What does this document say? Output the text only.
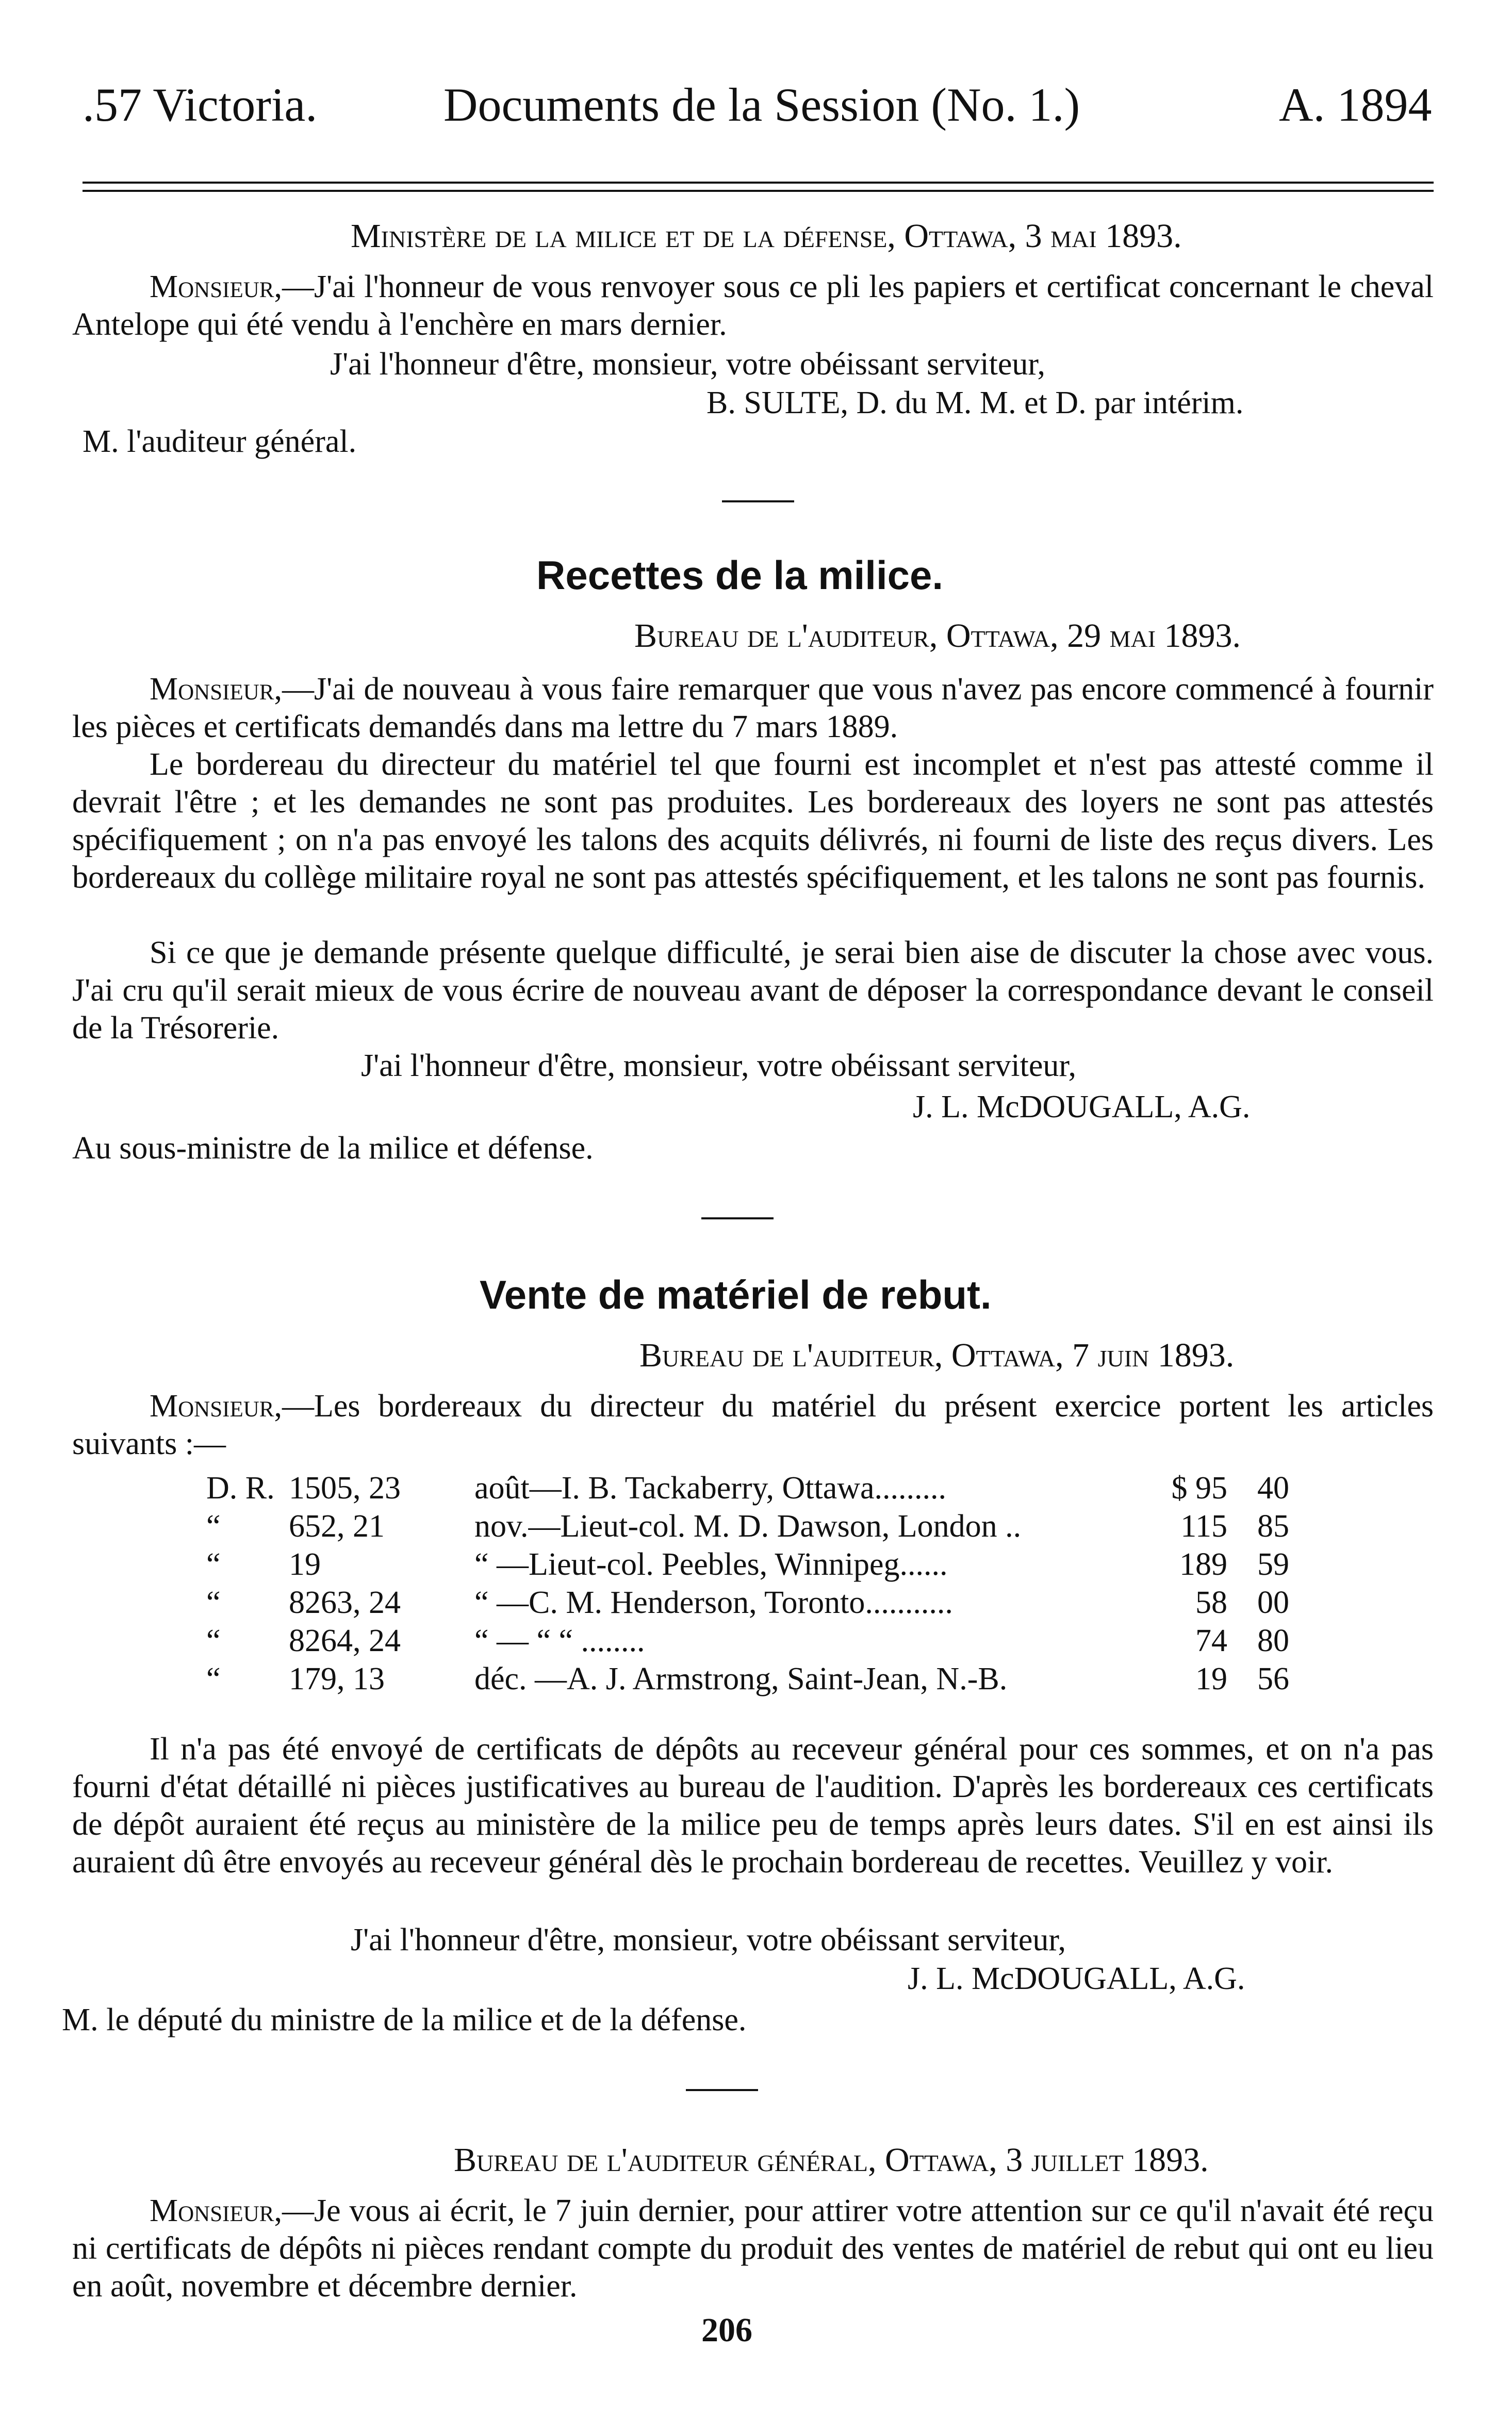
.57 Victoria.	Documents de la Session (No. 1.)	A. 1894
Ministère de la milice et de la défense, Ottawa, 3 mai 1893.
Monsieur,—J'ai l'honneur de vous renvoyer sous ce pli les papiers et certificat concernant le cheval Antelope qui été vendu à l'enchère en mars dernier.
J'ai l'honneur d'être, monsieur, votre obéissant serviteur,
B. SULTE, D. du M. M. et D. par intérim.
M. l'auditeur général.
Recettes de la milice.
Bureau de l'auditeur, Ottawa, 29 mai 1893.
Monsieur,—J'ai de nouveau à vous faire remarquer que vous n'avez pas encore commencé à fournir les pièces et certificats demandés dans ma lettre du 7 mars 1889.
Le bordereau du directeur du matériel tel que fourni est incomplet et n'est pas attesté comme il devrait l'être ; et les demandes ne sont pas produites. Les bordereaux des loyers ne sont pas attestés spécifiquement ; on n'a pas envoyé les talons des acquits délivrés, ni fourni de liste des reçus divers. Les bordereaux du collège militaire royal ne sont pas attestés spécifiquement, et les talons ne sont pas fournis.
Si ce que je demande présente quelque difficulté, je serai bien aise de discuter la chose avec vous. J'ai cru qu'il serait mieux de vous écrire de nouveau avant de déposer la correspondance devant le conseil de la Trésorerie.
J'ai l'honneur d'être, monsieur, votre obéissant serviteur,
J. L. McDOUGALL, A.G.
Au sous-ministre de la milice et défense.
Vente de matériel de rebut.
Bureau de l'auditeur, Ottawa, 7 juin 1893.
Monsieur,—Les bordereaux du directeur du matériel du présent exercice portent les articles suivants :—
D. R. 1505, 23	août—I. B. Tackaberry, Ottawa.........	$ 95 40
“	652, 21	nov.—Lieut-col. M. D. Dawson, London ..	115 85
“	19	“ —Lieut-col. Peebles, Winnipeg......	189 59
“	8263, 24	“ —C. M. Henderson, Toronto...........	58 00
“	8264, 24	“ — “ “ ........	74 80
“	179, 13	déc. —A. J. Armstrong, Saint-Jean, N.-B.	19 56
Il n'a pas été envoyé de certificats de dépôts au receveur général pour ces sommes, et on n'a pas fourni d'état détaillé ni pièces justificatives au bureau de l'audition. D'après les bordereaux ces certificats de dépôt auraient été reçus au ministère de la milice peu de temps après leurs dates. S'il en est ainsi ils auraient dû être envoyés au receveur général dès le prochain bordereau de recettes. Veuillez y voir.
J'ai l'honneur d'être, monsieur, votre obéissant serviteur,
J. L. McDOUGALL, A.G.
M. le député du ministre de la milice et de la défense.
Bureau de l'auditeur général, Ottawa, 3 juillet 1893.
Monsieur,—Je vous ai écrit, le 7 juin dernier, pour attirer votre attention sur ce qu'il n'avait été reçu ni certificats de dépôts ni pièces rendant compte du produit des ventes de matériel de rebut qui ont eu lieu en août, novembre et décembre dernier.
206
